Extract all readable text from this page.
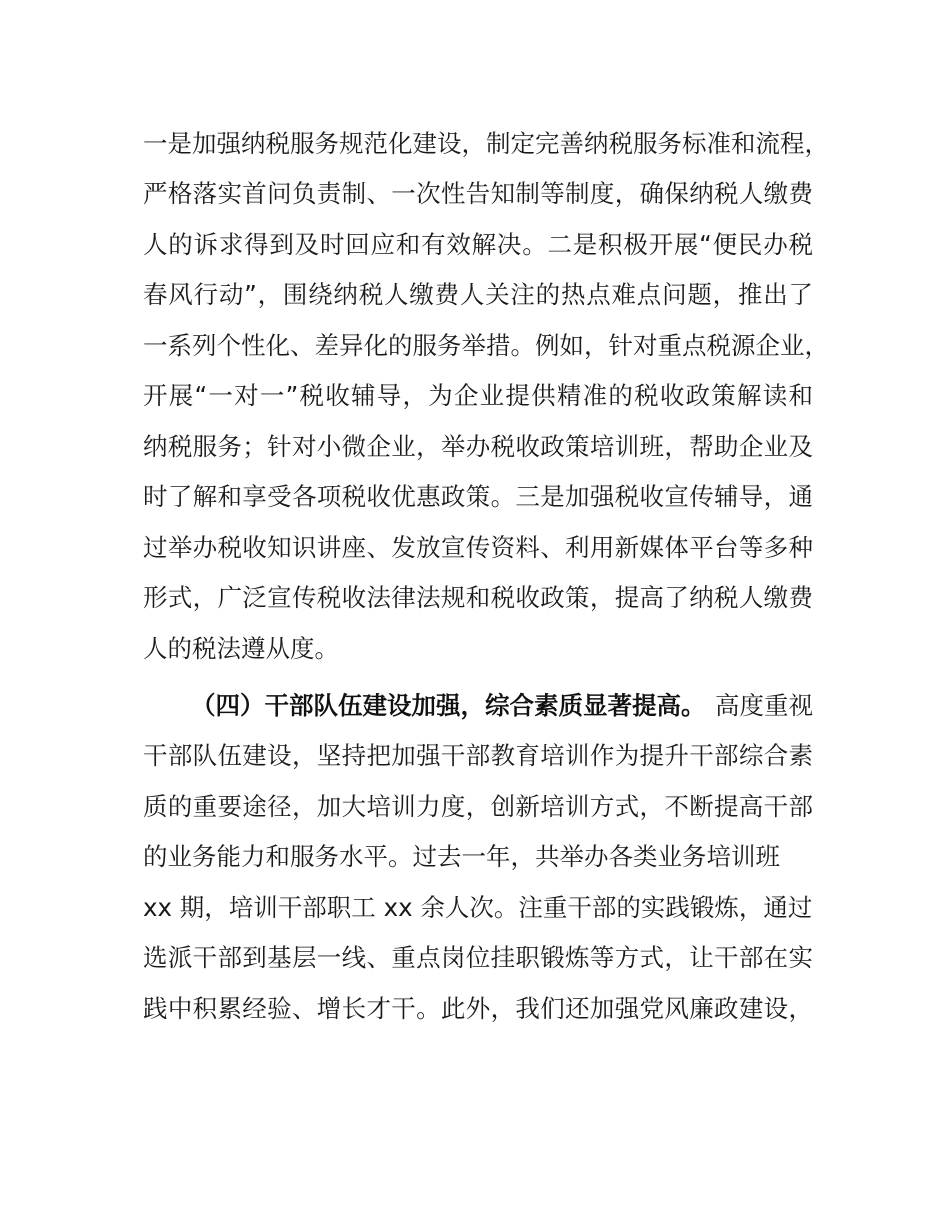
一是加强纳税服务规范化建设，制定完善纳税服务标准和流程，
严格落实首问负责制、一次性告知制等制度，确保纳税人缴费
人的诉求得到及时回应和有效解决。二是积极开展“便民办税
春风行动”，围绕纳税人缴费人关注的热点难点问题，推出了
一系列个性化、差异化的服务举措。例如，针对重点税源企业，
开展“一对一”税收辅导，为企业提供精准的税收政策解读和
纳税服务；针对小微企业，举办税收政策培训班，帮助企业及
时了解和享受各项税收优惠政策。三是加强税收宣传辅导，通
过举办税收知识讲座、发放宣传资料、利用新媒体平台等多种
形式，广泛宣传税收法律法规和税收政策，提高了纳税人缴费
人的税法遵从度。
（四）干部队伍建设加强，综合素质显著提高。 高度重视
干部队伍建设，坚持把加强干部教育培训作为提升干部综合素
质的重要途径，加大培训力度，创新培训方式，不断提高干部
的业务能力和服务水平。过去一年，共举办各类业务培训班
xx 期，培训干部职工 xx 余人次。注重干部的实践锻炼，通过
选派干部到基层一线、重点岗位挂职锻炼等方式，让干部在实
践中积累经验、增长才干。此外，我们还加强党风廉政建设，
